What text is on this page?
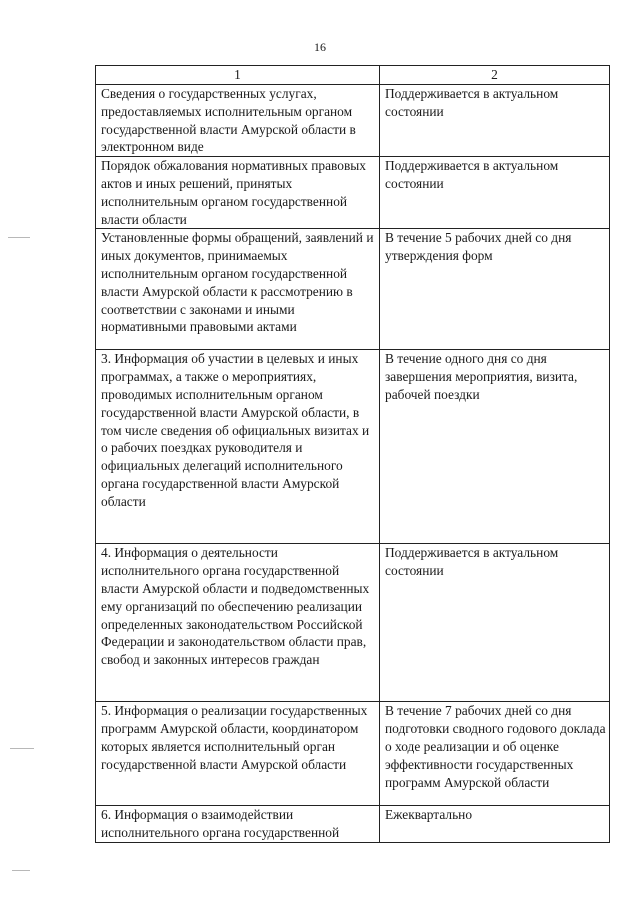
16
1	2
Сведения о государственных услугах, предоставляемых исполнительным органом государственной власти Амурской области в электронном виде	Поддерживается в актуальном состоянии
Порядок обжалования нормативных правовых актов и иных решений, принятых исполнительным органом государственной власти области	Поддерживается в актуальном состоянии
Установленные формы обращений, заявлений и иных документов, принимаемых исполнительным органом государственной власти Амурской области к рассмотрению в соответствии с законами и иными нормативными правовыми актами	В течение 5 рабочих дней со дня утверждения форм
3. Информация об участии в целевых и иных программах, а также о мероприятиях, проводимых исполнительным органом государственной власти Амурской области, в том числе сведения об официальных визитах и о рабочих поездках руководителя и официальных делегаций исполнительного органа государственной власти Амурской области	В течение одного дня со дня завершения мероприятия, визита, рабочей поездки
4. Информация о деятельности исполнительного органа государственной власти Амурской области и подведомственных ему организаций по обеспечению реализации определенных законодательством Российской Федерации и законодательством области прав, свобод и законных интересов граждан	Поддерживается в актуальном состоянии
5. Информация о реализации государственных программ Амурской области, координатором которых является исполнительный орган государственной власти Амурской области	В течение 7 рабочих дней со дня подготовки сводного годового доклада о ходе реализации и об оценке эффективности государственных программ Амурской области
6. Информация о взаимодействии исполнительного органа государственной	Ежеквартально
